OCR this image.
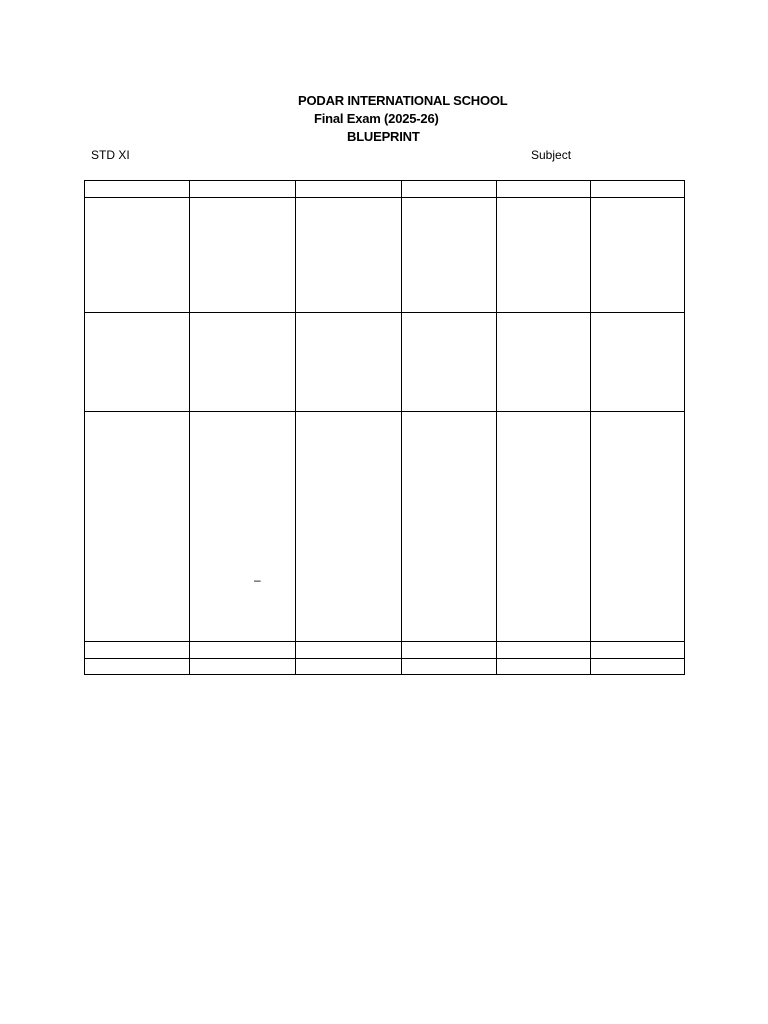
PODAR INTERNATIONAL SCHOOL
Final Exam (2025-26)
BLUEPRINT
STD XI	Subject
–
